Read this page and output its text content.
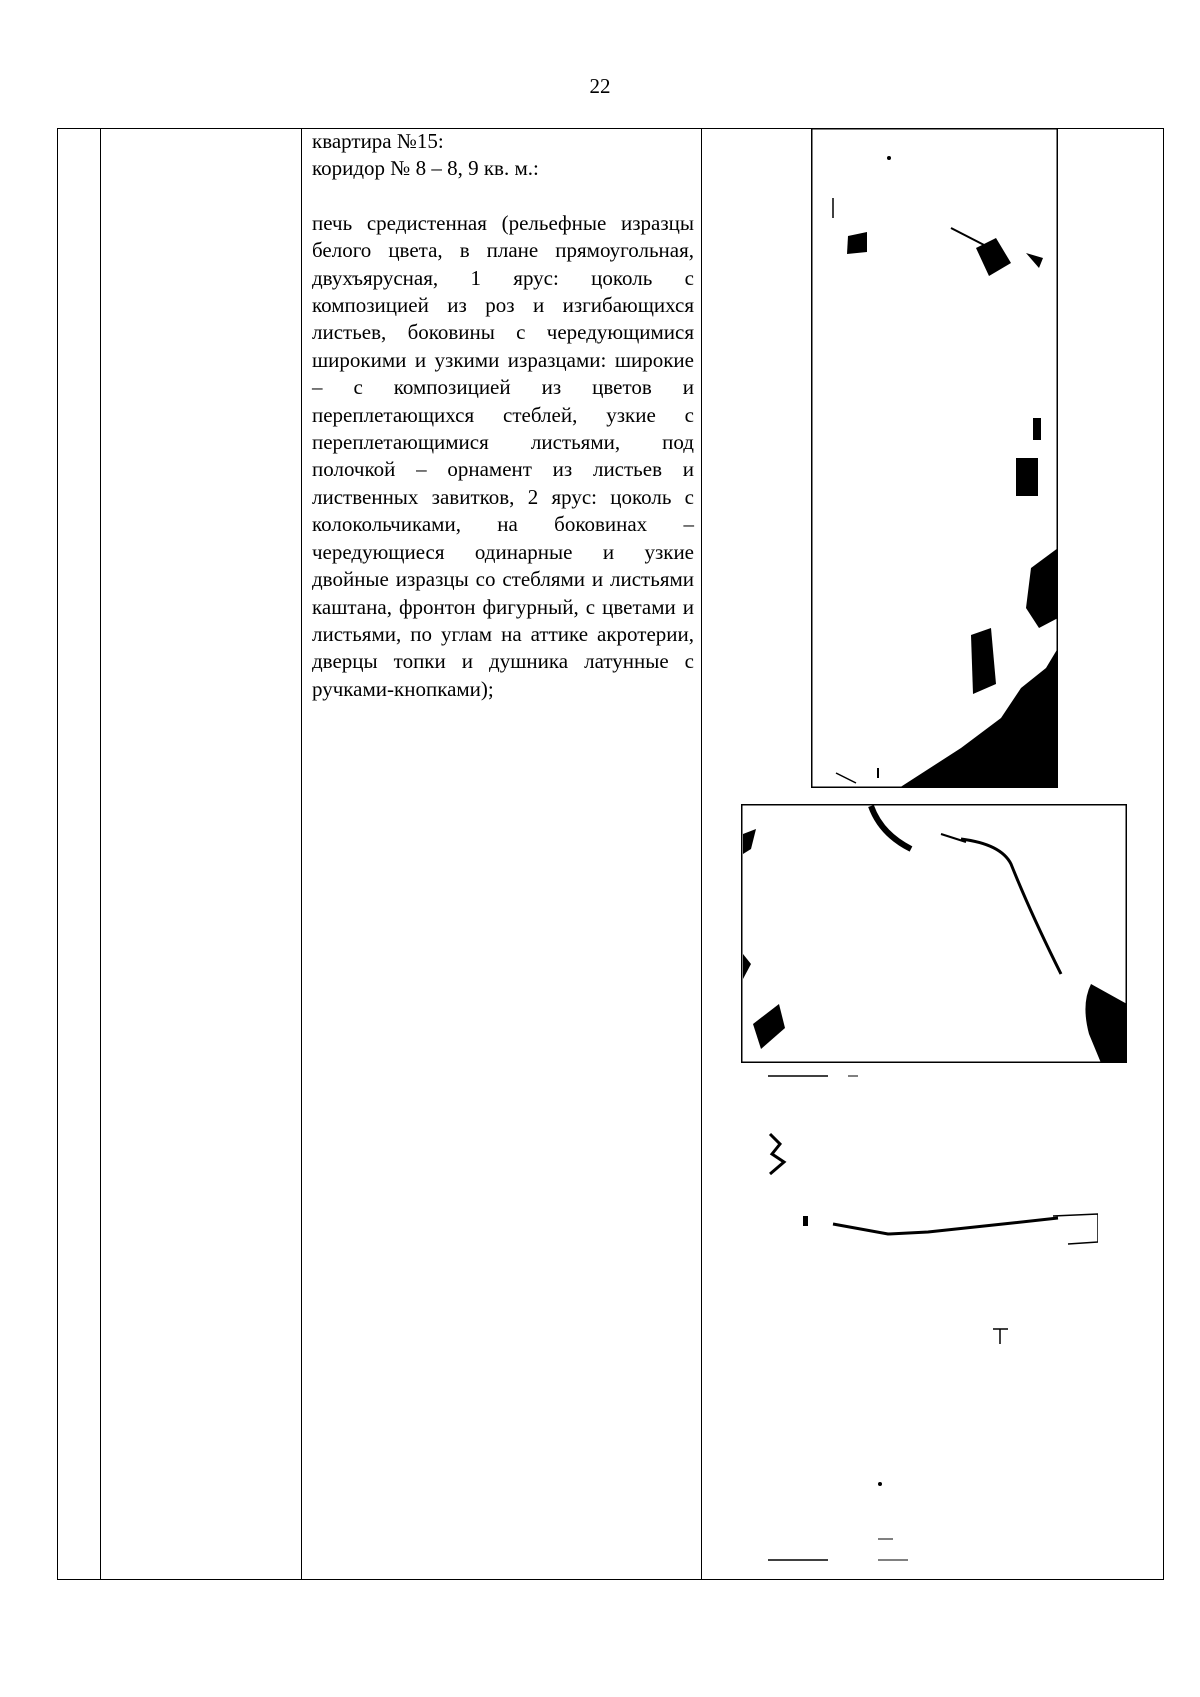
22

квартира №15:

коридор № 8 – 8, 9 кв. м.:

печь средистенная (рельефные изразцы белого цвета, в плане прямоугольная, двухъярусная, 1 ярус: цоколь с композицией из роз и изгибающихся листьев, боковины с чередующимися широкими и узкими изразцами: широкие – с композицией из цветов и переплетающихся стеблей, узкие с переплетающимися листьями, под полочкой – орнамент из листьев и лиственных завитков, 2 ярус: цоколь с колокольчиками, на боковинах – чередующиеся одинарные и узкие двойные изразцы со стеблями и листьями каштана, фронтон фигурный, с цветами и листьями, по углам на аттике акротерии, дверцы топки и душника латунные с ручками-кнопками);
